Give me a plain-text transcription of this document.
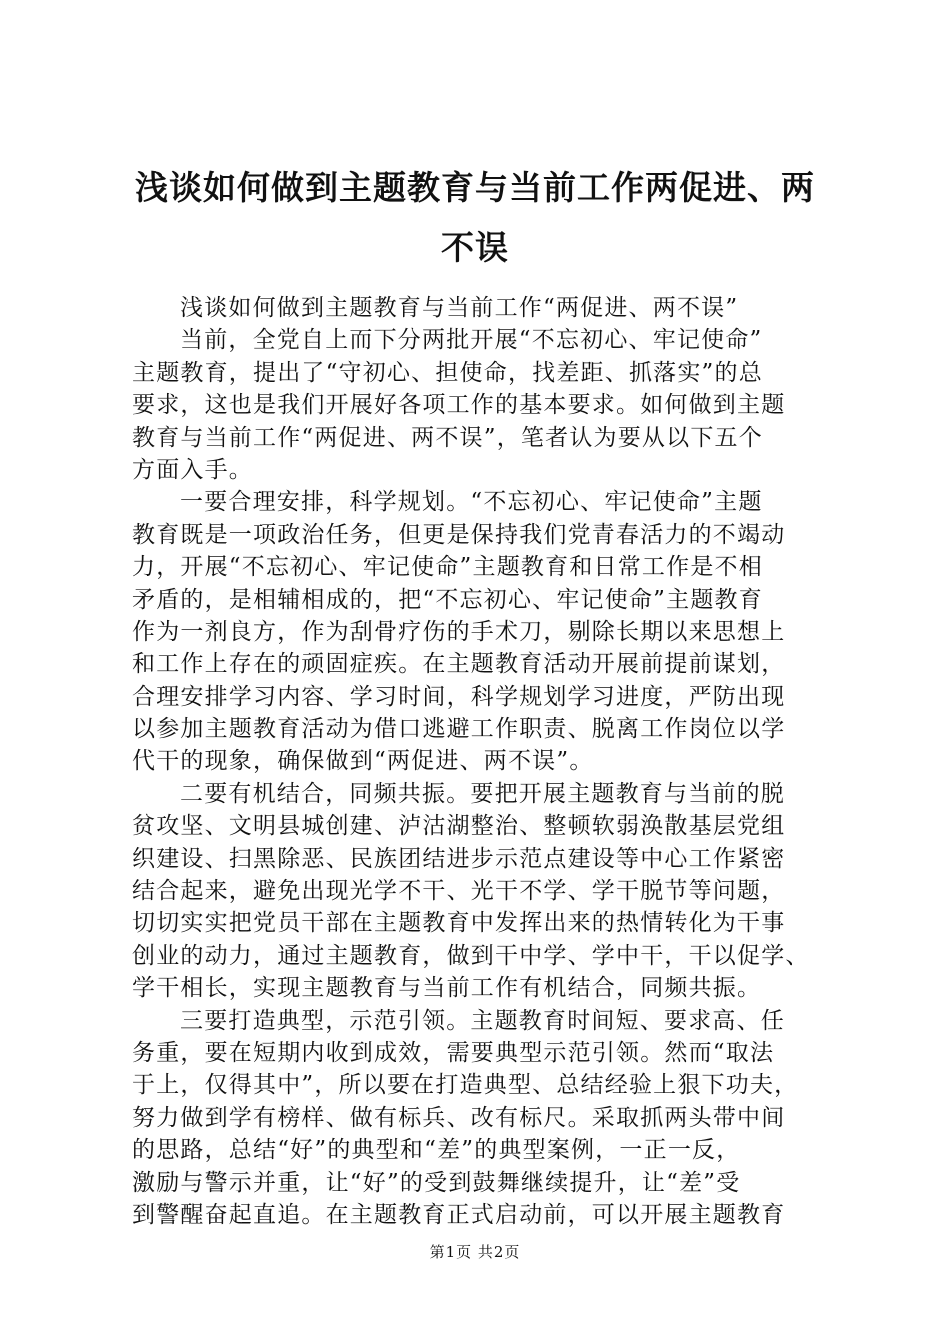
浅谈如何做到主题教育与当前工作两促进、两
不误
浅谈如何做到主题教育与当前工作“两促进、两不误”
当前，全党自上而下分两批开展“不忘初心、牢记使命”
主题教育，提出了“守初心、担使命，找差距、抓落实”的总
要求，这也是我们开展好各项工作的基本要求。如何做到主题
教育与当前工作“两促进、两不误”，笔者认为要从以下五个
方面入手。
一要合理安排，科学规划。“不忘初心、牢记使命”主题
教育既是一项政治任务，但更是保持我们党青春活力的不竭动
力，开展“不忘初心、牢记使命”主题教育和日常工作是不相
矛盾的，是相辅相成的，把“不忘初心、牢记使命”主题教育
作为一剂良方，作为刮骨疗伤的手术刀，剔除长期以来思想上
和工作上存在的顽固症疾。在主题教育活动开展前提前谋划，
合理安排学习内容、学习时间，科学规划学习进度，严防出现
以参加主题教育活动为借口逃避工作职责、脱离工作岗位以学
代干的现象，确保做到“两促进、两不误”。
二要有机结合，同频共振。要把开展主题教育与当前的脱
贫攻坚、文明县城创建、泸沽湖整治、整顿软弱涣散基层党组
织建设、扫黑除恶、民族团结进步示范点建设等中心工作紧密
结合起来，避免出现光学不干、光干不学、学干脱节等问题，
切切实实把党员干部在主题教育中发挥出来的热情转化为干事
创业的动力，通过主题教育，做到干中学、学中干，干以促学、
学干相长，实现主题教育与当前工作有机结合，同频共振。
三要打造典型，示范引领。主题教育时间短、要求高、任
务重，要在短期内收到成效，需要典型示范引领。然而“取法
于上，仅得其中”，所以要在打造典型、总结经验上狠下功夫，
努力做到学有榜样、做有标兵、改有标尺。采取抓两头带中间
的思路，总结“好”的典型和“差”的典型案例，一正一反，
激励与警示并重，让“好”的受到鼓舞继续提升，让“差”受
到警醒奋起直追。在主题教育正式启动前，可以开展主题教育
第1页 共2页
